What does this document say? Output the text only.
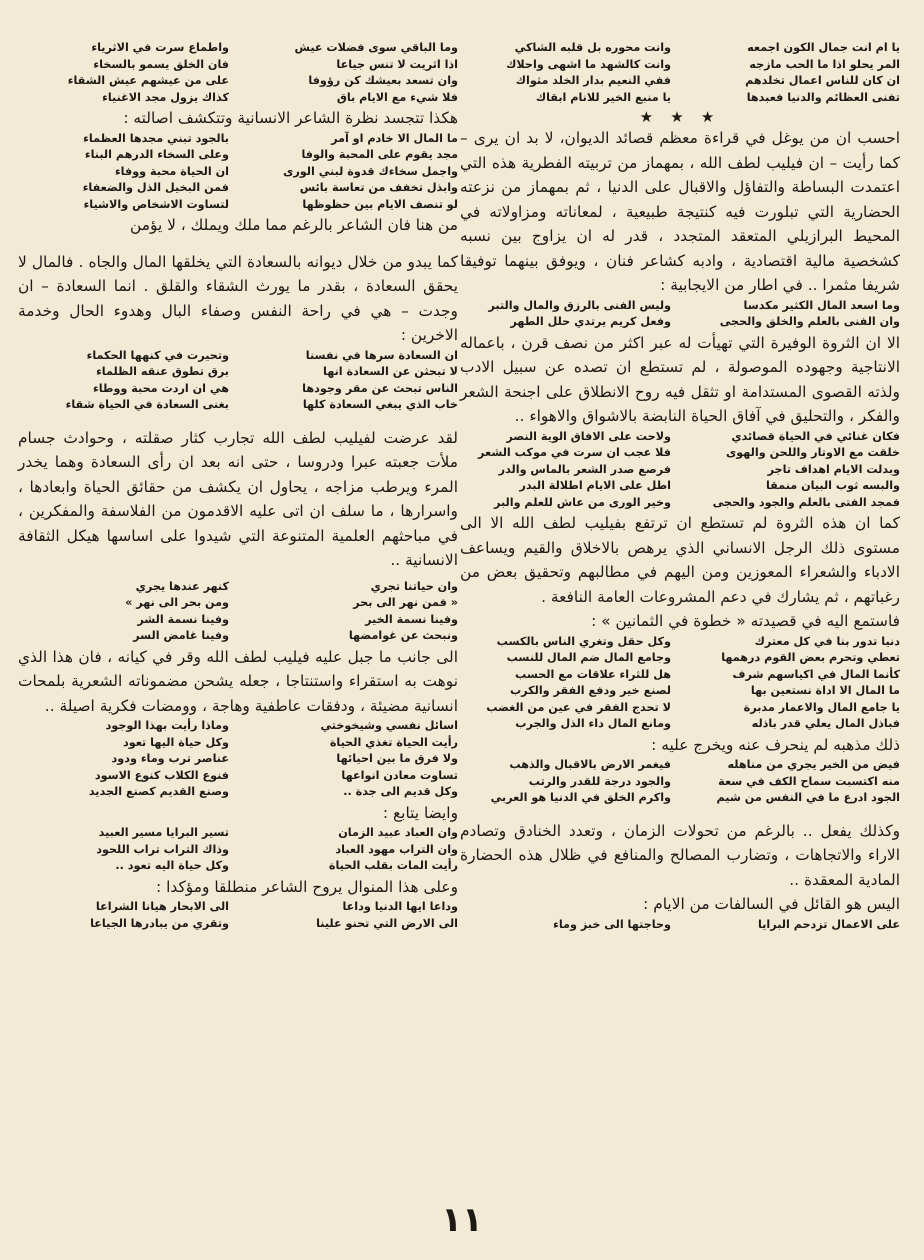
يا ام انت جمال الكون اجمعه
وانت محوره بل قلبه الشاكي
المر يحلو اذا ما الحب مازجه
وانت كالشهد ما اشهى واحلاك
ان كان للناس اعمال تخلدهم
ففي النعيم بدار الخلد مثواك
تفنى العظائم والدنيا فعبدها
يا منبع الخير للانام ابقاك
★ ★ ★

احسب ان من يوغل في قراءة معظم قصائد الديوان، لا بد ان يرى – كما رأيت – ان فيليب لطف الله ، بمهماز من تربيته الفطرية هذه التي اعتمدت البساطة والتفاؤل والاقبال على الدنيا ، ثم بمهماز من نزعته الحضارية التي تبلورت فيه كنتيجة طبيعية ، لمعاناته ومزاولاته في المحيط البرازيلي المتعقد المتجدد ، قدر له ان يزاوج بين نسبه كشخصية مالية اقتصادية ، وادبه كشاعر فنان ، ويوفق بينهما توفيقا شريفا مثمرا .. في اطار من الايجابية :

وما اسعد المال الكثير مكدسا
وليس الفنى بالرزق والمال والتبر
وان الفنى بالعلم والخلق والحجى
وفعل كريم يرتدي حلل الطهر

الا ان الثروة الوفيرة التي تهيأت له عبر اكثر من نصف قرن ، باعماله الانتاجية وجهوده الموصولة ، لم تستطع ان تصده عن سبيل الادب ولذته القصوى المستدامة او تثقل فيه روح الانطلاق على اجنحة الشعر والفكر ، والتحليق في آفاق الحياة النابضة بالاشواق والاهواء ..

فكان غنائي في الحياة قصائدي
ولاحت على الافاق الوية النصر
خلقت مع الاوتار واللحن والهوى
فلا عجب ان سرت في موكب الشعر
وبدلت الايام اهداف تاجر
فرصع صدر الشعر بالماس والدر
والبسه ثوب البيان منمقا
اطل على الايام اطلالة البدر
فمجد الفتى بالعلم والجود والحجى
وخير الورى من عاش للعلم والبر

كما ان هذه الثروة لم تستطع ان ترتفع بفيليب لطف الله الا الى مستوى ذلك الرجل الانساني الذي يرهص بالاخلاق والقيم ويساعف الادباء والشعراء المعوزين ومن اليهم في مطالبهم وتحقيق بعض من رغباتهم ، ثم يشارك في دعم المشروعات العامة النافعة .

فاستمع اليه في قصيدته « خطوة في الثمانين » :

دنيا تدور بنا في كل معترك
وكل حقل وتغري الناس بالكسب
تعطي وتحرم بعض القوم درهمها
وجامع المال ضم المال للنسب
كأنما المال في اكياسهم شرف
هل للثراء علاقات مع الحسب
ما المال الا اداة نستعين بها
لصنع خير ودفع الفقر والكرب
يا جامع المال والاعمار مدبرة
لا تحدج الفقر في عين من الغضب
فباذل المال يعلي قدر باذله
ومانع المال داء الذل والجرب

ذلك مذهبه لم ينحرف عنه ويخرج عليه :

فيض من الخير يجري من مناهله
فيغمر الارض بالاقبال والذهب
منه اكتسبت سماح الكف في سعة
والجود درجة للقدر والرتب
الجود ادرع ما في النفس من شيم
واكرم الخلق في الدنيا هو العربي

وكذلك يفعل .. بالرغم من تحولات الزمان ، وتعدد الخنادق وتصادم الاراء والاتجاهات ، وتضارب المصالح والمنافع في ظلال هذه الحضارة المادية المعقدة ..

اليس هو القائل في السالفات من الايام :

على الاعمال تزدحم البرايا
وحاجتها الى خبز وماء
وما الباقي سوى فضلات عيش
واطماع سرت في الاثرياء
اذا اثريت لا تنس جياعا
فان الخلق يسمو بالسخاء
وان تسعد بعيشك كن رؤوفا
على من عيشهم عيش الشقاء
فلا شيء مع الايام باق
كذاك يزول مجد الاغنياء

هكذا تتجسد نظرة الشاعر الانسانية وتتكشف اصالته :

ما المال الا خادم او آمر
بالجود تبني مجدها العظماء
مجد يقوم على المحبة والوفا
وعلى السخاء الدرهم البناء
واجمل سخاءك قدوة لبني الورى
ان الحياة محبة ووفاء
وابذل تخفف من تعاسة بائس
فمن البخيل الذل والضعفاء
لو تنصف الايام بين حظوظها
لتساوت الاشخاص والاشياء

من هنا فان الشاعر بالرغم مما ملك ويملك ، لا يؤمن

كما يبدو من خلال ديوانه بالسعادة التي يخلقها المال والجاه . فالمال لا يحقق السعادة ، بقدر ما يورث الشقاء والقلق . انما السعادة – ان وجدت – هي في راحة النفس وصفاء البال وهدوء الحال وخدمة الاخرين :

ان السعادة سرها في نفسنا
وتحيرت في كنهها الحكماء
لا تبحثن عن السعادة انها
برق تطوق عنقه الظلماء
الناس تبحث عن مقر وجودها
هي ان اردت محبة ووطاء
خاب الذي يبغي السعادة كلها
بغنى السعادة في الحياة شقاء

لقد عرضت لفيليب لطف الله تجارب كثار صقلته ، وحوادث جسام ملأت جعبته عبرا ودروسا ، حتى انه بعد ان رأى السعادة وهما يخدر المرء ويرطب مزاجه ، يحاول ان يكشف من حقائق الحياة وابعادها ، واسرارها ، ما سلف ان اتى عليه الاقدمون من الفلاسفة والمفكرين ، في مباحثهم العلمية المتنوعة التي شيدوا على اساسها هيكل الثقافة الانسانية ..

وان حياتنا تجري
كنهر عندها يجري
« فمن نهر الى بحر
ومن بحر الى نهر »
وفينا نسمة الخير
وفينا نسمة الشر
ونبحث عن غوامضها
وفينا غامض السر

الى جانب ما جبل عليه فيليب لطف الله وقر في كيانه ، فان هذا الذي نوهت به استقراء واستنتاجا ، جعله يشحن مضموناته الشعرية بلمحات انسانية مضيئة ، ودفقات عاطفية وهاجة ، وومضات فكرية اصيلة ..

اسائل نفسي وشيخوختي
وماذا رأيت بهذا الوجود
رأيت الحياة تغذي الحياة
وكل حياة اليها تعود
ولا فرق ما بين احيائها
عناصر ترب وماء ودود
تساوت معادن انواعها
فنوع الكلاب كنوع الاسود
وكل قديم الى جدة ..
وصنع القديم كصنع الجديد

وايضا يتابع :

وان العباد عبيد الزمان
تسير البرايا مسير العبيد
وان التراب مهود العباد
وذاك التراب تراب اللحود
رأيت المات بقلب الحياة
وكل حياة اليه تعود ..

وعلى هذا المنوال يروح الشاعر منطلقا ومؤكدا :

وداعا ايها الدنيا وداعا
الى الابحار هيانا الشراعا
الى الارض التي تحنو علينا
وتقري من يبادرها الجياعا
١١
